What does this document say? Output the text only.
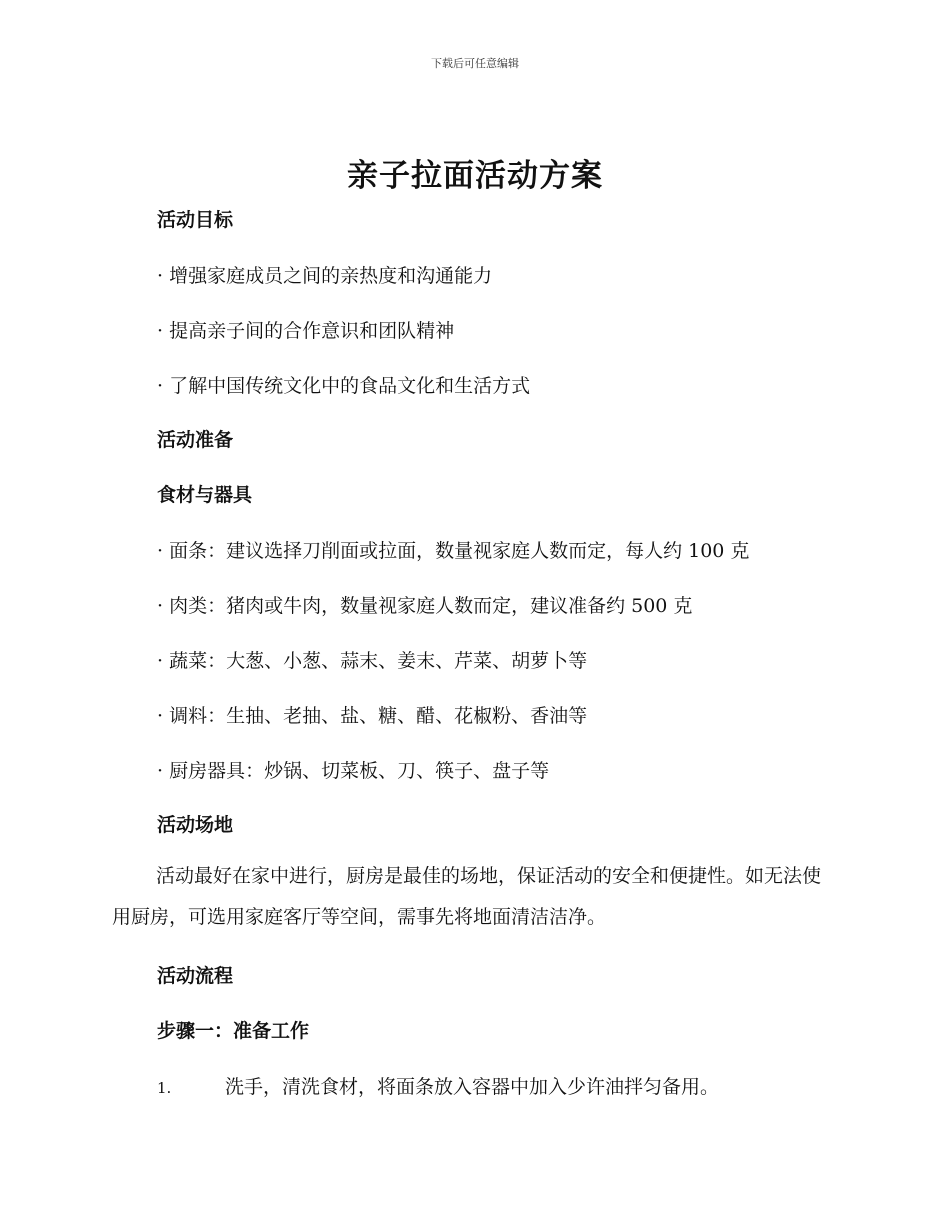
下载后可任意编辑
亲子拉面活动方案
活动目标
· 增强家庭成员之间的亲热度和沟通能力
· 提高亲子间的合作意识和团队精神
· 了解中国传统文化中的食品文化和生活方式
活动准备
食材与器具
· 面条：建议选择刀削面或拉面，数量视家庭人数而定，每人约 100 克
· 肉类：猪肉或牛肉，数量视家庭人数而定，建议准备约 500 克
· 蔬菜：大葱、小葱、蒜末、姜末、芹菜、胡萝卜等
· 调料：生抽、老抽、盐、糖、醋、花椒粉、香油等
· 厨房器具：炒锅、切菜板、刀、筷子、盘子等
活动场地
活动最好在家中进行，厨房是最佳的场地，保证活动的安全和便捷性。如无法使用厨房，可选用家庭客厅等空间，需事先将地面清洁洁净。
活动流程
步骤一：准备工作
1.	洗手，清洗食材，将面条放入容器中加入少许油拌匀备用。
